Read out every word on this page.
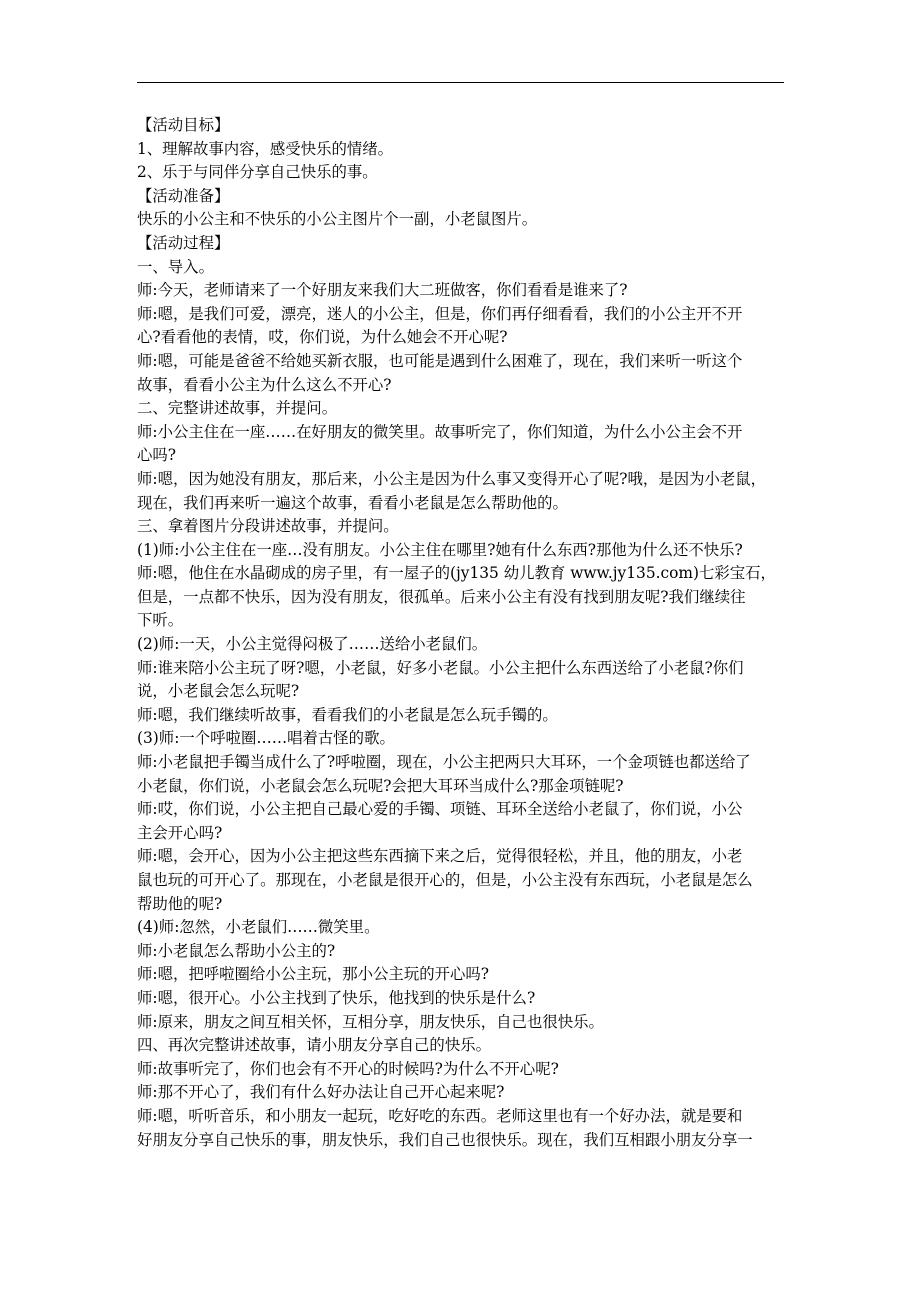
【活动目标】
1、理解故事内容，感受快乐的情绪。
2、乐于与同伴分享自己快乐的事。
【活动准备】
快乐的小公主和不快乐的小公主图片个一副，小老鼠图片。
【活动过程】
一、导入。
师:今天，老师请来了一个好朋友来我们大二班做客，你们看看是谁来了?
师:嗯，是我们可爱，漂亮，迷人的小公主，但是，你们再仔细看看，我们的小公主开不开
心?看看他的表情，哎，你们说，为什么她会不开心呢?
师:嗯，可能是爸爸不给她买新衣服，也可能是遇到什么困难了，现在，我们来听一听这个
故事，看看小公主为什么这么不开心?
二、完整讲述故事，并提问。
师:小公主住在一座……在好朋友的微笑里。故事听完了，你们知道，为什么小公主会不开
心吗?
师:嗯，因为她没有朋友，那后来，小公主是因为什么事又变得开心了呢?哦，是因为小老鼠，
现在，我们再来听一遍这个故事，看看小老鼠是怎么帮助他的。
三、拿着图片分段讲述故事，并提问。
(1)师:小公主住在一座…没有朋友。小公主住在哪里?她有什么东西?那他为什么还不快乐?
师:嗯，他住在水晶砌成的房子里，有一屋子的(jy135 幼儿教育 www.jy135.com)七彩宝石，
但是，一点都不快乐，因为没有朋友，很孤单。后来小公主有没有找到朋友呢?我们继续往
下听。
(2)师:一天，小公主觉得闷极了……送给小老鼠们。
师:谁来陪小公主玩了呀?嗯，小老鼠，好多小老鼠。小公主把什么东西送给了小老鼠?你们
说，小老鼠会怎么玩呢?
师:嗯，我们继续听故事，看看我们的小老鼠是怎么玩手镯的。
(3)师:一个呼啦圈……唱着古怪的歌。
师:小老鼠把手镯当成什么了?呼啦圈，现在，小公主把两只大耳环，一个金项链也都送给了
小老鼠，你们说，小老鼠会怎么玩呢?会把大耳环当成什么?那金项链呢?
师:哎，你们说，小公主把自己最心爱的手镯、项链、耳环全送给小老鼠了，你们说，小公
主会开心吗?
师:嗯，会开心，因为小公主把这些东西摘下来之后，觉得很轻松，并且，他的朋友，小老
鼠也玩的可开心了。那现在，小老鼠是很开心的，但是，小公主没有东西玩，小老鼠是怎么
帮助他的呢?
(4)师:忽然，小老鼠们……微笑里。
师:小老鼠怎么帮助小公主的?
师:嗯，把呼啦圈给小公主玩，那小公主玩的开心吗?
师:嗯，很开心。小公主找到了快乐，他找到的快乐是什么?
师:原来，朋友之间互相关怀，互相分享，朋友快乐，自己也很快乐。
四、再次完整讲述故事，请小朋友分享自己的快乐。
师:故事听完了，你们也会有不开心的时候吗?为什么不开心呢?
师:那不开心了，我们有什么好办法让自己开心起来呢?
师:嗯，听听音乐，和小朋友一起玩，吃好吃的东西。老师这里也有一个好办法，就是要和
好朋友分享自己快乐的事，朋友快乐，我们自己也很快乐。现在，我们互相跟小朋友分享一
